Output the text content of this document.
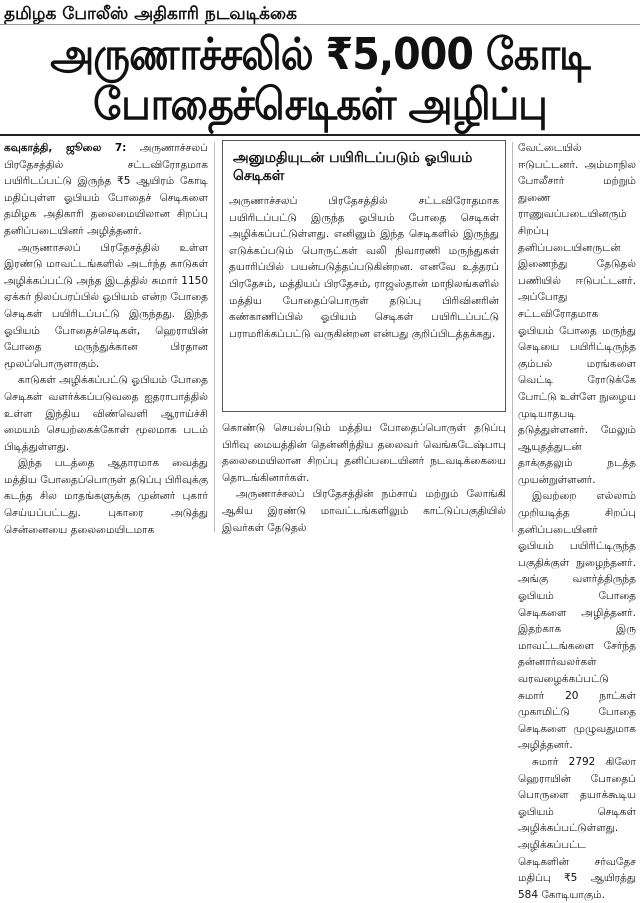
தமிழக போலீஸ் அதிகாரி நடவடிக்கை
அருணாச்சலில் ₹5,000 கோடி
போதைச்செடிகள் அழிப்பு

கவுகாத்தி, ஜூலை 7: அருணாச்சலப் பிரதேசத்தில் சட்டவிரோதமாக பயிரிடப்பட்டு இருந்த ₹5 ஆயிரம் கோடி மதிப்புள்ள ஓபியம் போதைச் செடிகளை தமிழக அதிகாரி தலைமையிலான சிறப்பு தனிப்படையினர் அழித்தனர்.

அருணாசலப் பிரதேசத்தில் உள்ள இரண்டு மாவட்டங்களில் அடர்ந்த காடுகள் அழிக்கப்பட்டு அந்த இடத்தில் சுமார் 1150 ஏக்கர் நிலப்பரப்பில் ஓபியம் என்ற போதை செடிகள் பயிரிடப்பட்டு இருந்தது. இந்த ஓபியம் போதைச்செடிகள், ஹெராயின் போதை மருந்துக்கான பிரதான மூலப்பொருளாகும்.

காடுகள் அழிக்கப்பட்டு ஓபியம் போதை செடிகள் வளர்க்கப்படுவதை ஐதராபாத்தில் உள்ள இந்திய விண்வெளி ஆராய்ச்சி மையம் செயற்கைக்கோள் மூலமாக படம் பிடித்துள்ளது.

இந்த படத்தை ஆதாரமாக வைத்து மத்திய போதைப்பொருள் தடுப்பு பிரிவுக்கு கடந்த சில மாதங்களுக்கு முன்னர் புகார் செய்யப்பட்டது. புகாரை அடுத்து சென்னையை தலைமையிடமாக

அனுமதியுடன் பயிரிடப்படும் ஓபியம் செடிகள்

அருணாச்சலப் பிரதேசத்தில் சட்டவிரோதமாக பயிரிடப்பட்டு இருந்த ஓபியம் போதை செடிகள் அழிக்கப்பட்டுள்ளது. எனினும் இந்த செடிகளில் இருந்து எடுக்கப்படும் பொருட்கள் வலி நிவாரணி மருந்துகள் தயாரிப்பில் பயன்படுத்தப்படுகின்றன. எனவே உத்தரப் பிரதேசம், மத்தியப் பிரதேசம், ராஜஸ்தான் மாநிலங்களில் மத்திய போதைப்பொருள் தடுப்பு பிரிவினரின் கண்காணிப்பில் ஓபியம் செடிகள் பயிரிடப்பட்டு பராமரிக்கப்பட்டு வருகின்றன என்பது குறிப்பிடத்தக்கது.

கொண்டு செயல்படும் மத்திய போதைப்பொருள் தடுப்பு பிரிவு மையத்தின் தென்னிந்திய தலைவர் வெங்கடேஷ்பாபு தலைமையிலான சிறப்பு தனிப்படையினர் நடவடிக்கையை தொடங்கினார்கள்.

அருணாச்சலப் பிரதேசத்தின் நம்சாய் மற்றும் லோங்கி ஆகிய இரண்டு மாவட்டங்களிலும் காட்டுப்பகுதியில் இவர்கள் தேடுதல்

வேட்டையில் ஈடுபட்டனர். அம்மாநில போலீசார் மற்றும் துணை ராணுவப்படையினரும் சிறப்பு தனிப்படையினருடன் இணைந்து தேடுதல் பணியில் ஈடுபட்டனர். அப்போது சட்டவிரோதமாக ஓபியம் போதை மருந்து செடியை பயிரிட்டிருந்த கும்பல் மரங்களை வெட்டி ரோடுக்கே போட்டு உள்ளே நுழைய முடியாதபடி தடுத்துள்ளனர். மேலும் ஆயுதத்துடன் தாக்குதலும் நடத்த முயன்றுள்ளனர்.

இவற்றை எல்லாம் முறியடித்த சிறப்பு தனிப்படையினர் ஓபியம் பயிரிட்டிருந்த பகுதிக்குள் நுழைந்தனர். அங்கு வளர்த்திருந்த ஓபியம் போதை செடிகளை அழித்தனர். இதற்காக இரு மாவட்டங்களை சேர்ந்த தன்னார்வலர்கள் வரவழைக்கப்பட்டு சுமார் 20 நாட்கள் முகாமிட்டு போதை செடிகளை முழுவதுமாக அழித்தனர்.

சுமார் 2792 கிலோ ஹெராயின் போதைப் பொருளை தயாக்கூடிய ஓபியம் செடிகள் அழிக்கப்பட்டுள்ளது. அழிக்கப்பட்ட செடிகளின் சர்வதேச மதிப்பு ₹5 ஆயிரத்து 584 கோடியாகும்.
